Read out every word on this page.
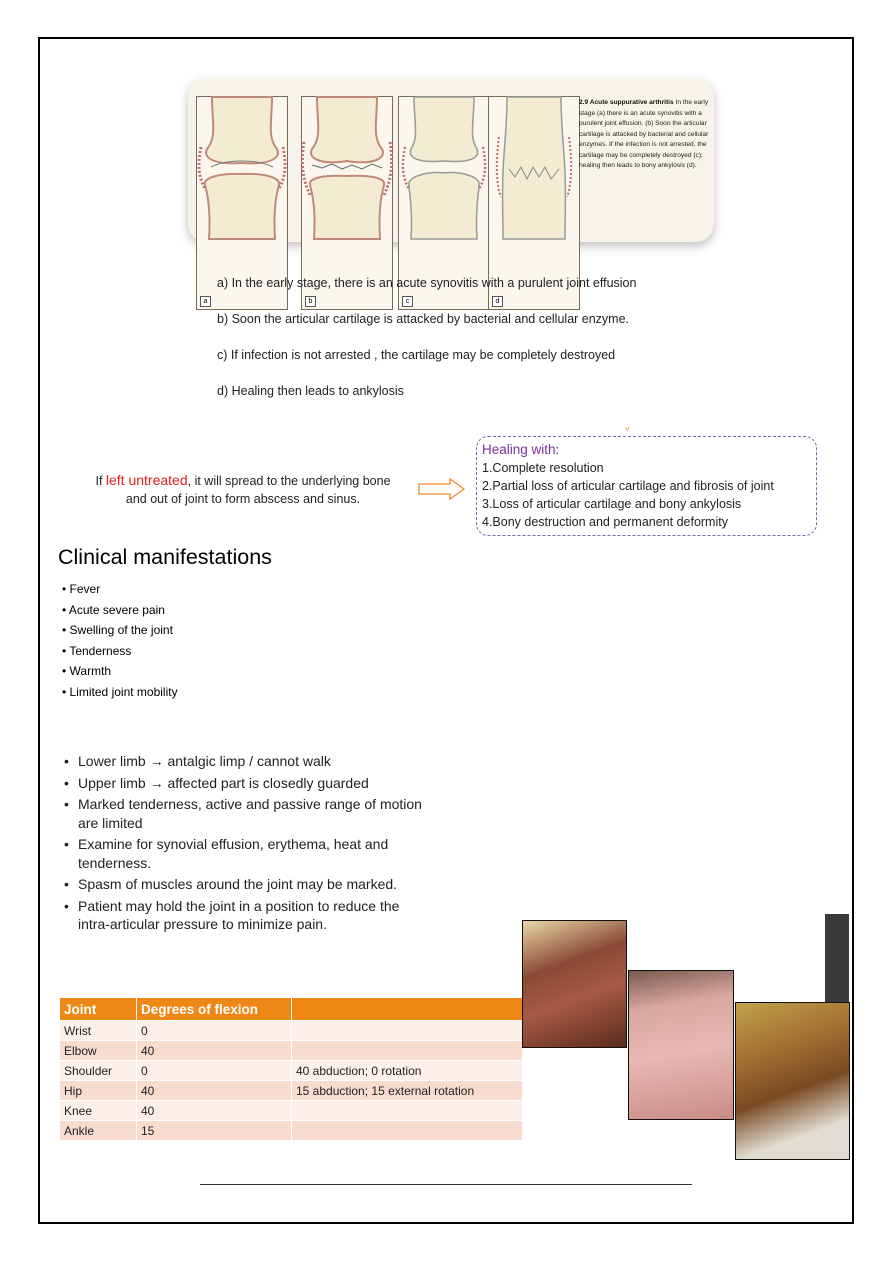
a	b	c	d
2.9 Acute suppurative arthritis In the early stage (a) there is an acute synovitis with a purulent joint effusion. (b) Soon the articular cartilage is attacked by bacterial and cellular enzymes. If the infection is not arrested, the cartilage may be completely destroyed (c); healing then leads to bony ankylosis (d).
a) In the early stage, there is an acute synovitis with a purulent joint effusion
b) Soon the articular cartilage is attacked by bacterial and cellular enzyme.
c) If infection is not arrested , the cartilage may be completely destroyed
d) Healing then leads to ankylosis
If left untreated, it will spread to the underlying bone
and out of joint to form abscess and sinus.
˅
Healing with:
1.Complete resolution
2.Partial loss of articular cartilage and fibrosis of joint
3.Loss of articular cartilage and bony ankylosis
4.Bony destruction and permanent deformity
Clinical manifestations
• Fever
• Acute severe pain
• Swelling of the joint
• Tenderness
• Warmth
• Limited joint mobility
• Lower limb → antalgic limp / cannot walk
• Upper limb → affected part is closedly guarded
• Marked tenderness, active and passive range of motion are limited
• Examine for synovial effusion, erythema, heat and tenderness.
• Spasm of muscles around the joint may be marked.
• Patient may hold the joint in a position to reduce the intra-articular pressure to minimize pain.
Joint	Degrees of flexion	
Wrist	0	
Elbow	40	
Shoulder	0	40 abduction; 0 rotation
Hip	40	15 abduction; 15 external rotation
Knee	40	
Ankle	15	
